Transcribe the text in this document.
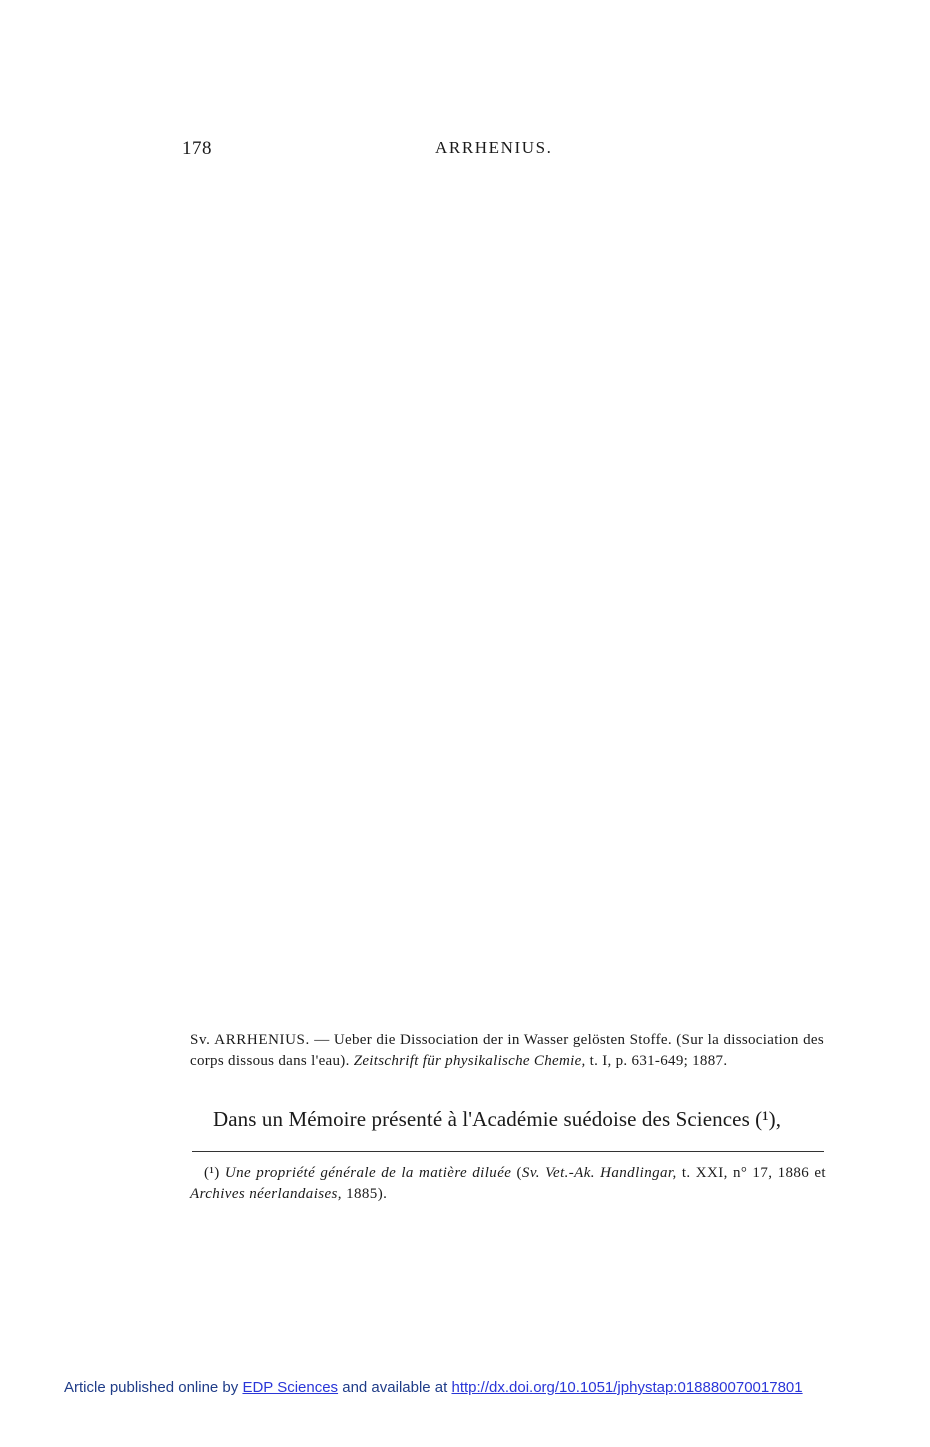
178	ARRHENIUS.
Sv. ARRHENIUS. — Ueber die Dissociation der in Wasser gelösten Stoffe. (Sur la dissociation des corps dissous dans l'eau). Zeitschrift für physikalische Chemie, t. I, p. 631-649; 1887.
Dans un Mémoire présenté à l'Académie suédoise des Sciences (¹),
(¹) Une propriété générale de la matière diluée (Sv. Vet.-Ak. Handlingar, t. XXI, n° 17, 1886 et Archives néerlandaises, 1885).
Article published online by EDP Sciences and available at http://dx.doi.org/10.1051/jphystap:018880070017801
